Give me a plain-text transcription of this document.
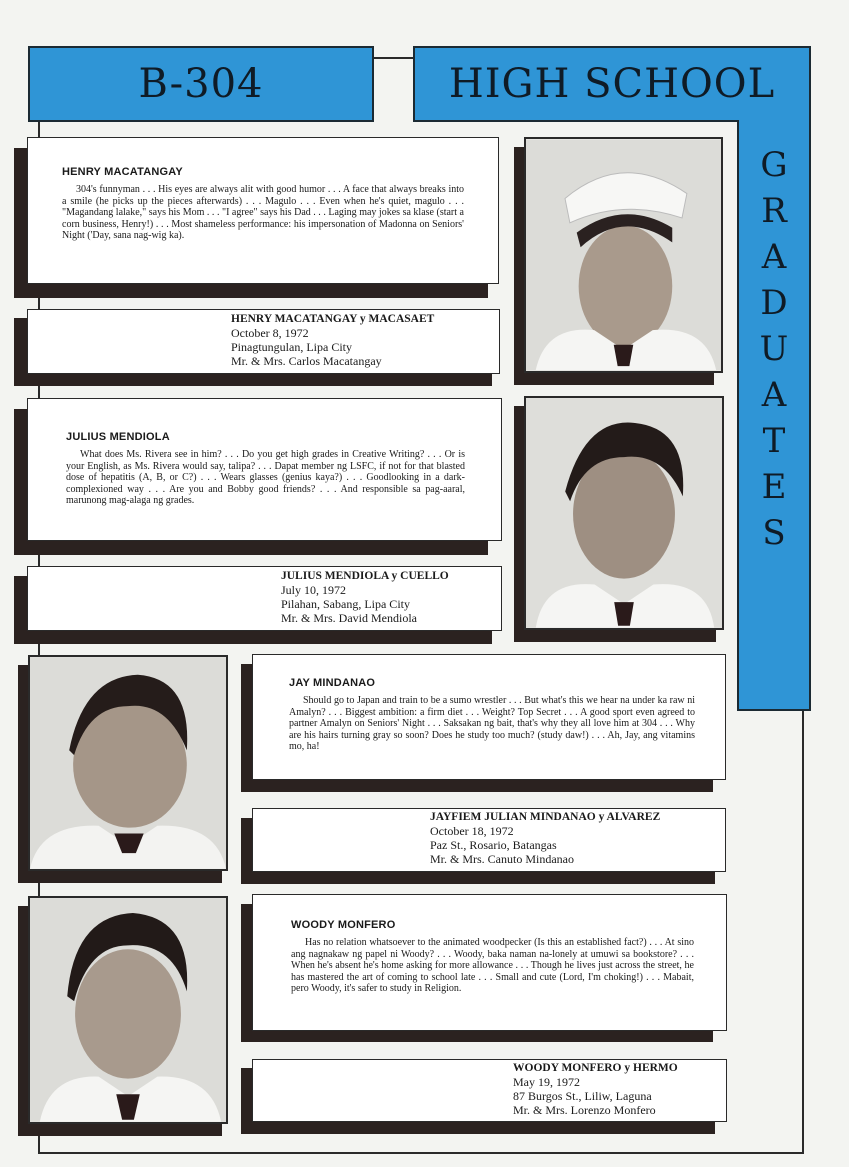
B-304	HIGH SCHOOL
G
R
A
D
U
A
T
E
S
HENRY MACATANGAY
304's funnyman . . . His eyes are always alit with good humor . . . A face that always breaks into a smile (he picks up the pieces afterwards) . . . Magulo . . . Even when he's quiet, magulo . . . "Magandang lalake," says his Mom . . . "I agree" says his Dad . . . Laging may jokes sa klase (start a corn business, Henry!) . . . Most shameless performance: his impersonation of Madonna on Seniors' Night ('Day, sana nag-wig ka).
HENRY MACATANGAY y MACASAET
October 8, 1972
Pinagtungulan, Lipa City
Mr. & Mrs. Carlos Macatangay
JULIUS MENDIOLA
What does Ms. Rivera see in him? . . . Do you get high grades in Creative Writing? . . . Or is your English, as Ms. Rivera would say, talipa? . . . Dapat member ng LSFC, if not for that blasted dose of hepatitis (A, B, or C?) . . . Wears glasses (genius kaya?) . . . Goodlooking in a dark-complexioned way . . . Are you and Bobby good friends? . . . And responsible sa pag-aaral, marunong mag-alaga ng grades.
JULIUS MENDIOLA y CUELLO
July 10, 1972
Pilahan, Sabang, Lipa City
Mr. & Mrs. David Mendiola
JAY MINDANAO
Should go to Japan and train to be a sumo wrestler . . . But what's this we hear na under ka raw ni Amalyn? . . . Biggest ambition: a firm diet . . . Weight? Top Secret . . . A good sport even agreed to partner Amalyn on Seniors' Night . . . Saksakan ng bait, that's why they all love him at 304 . . . Why are his hairs turning gray so soon? Does he study too much? (study daw!) . . . Ah, Jay, ang vitamins mo, ha!
JAYFIEM JULIAN MINDANAO y ALVAREZ
October 18, 1972
Paz St., Rosario, Batangas
Mr. & Mrs. Canuto Mindanao
WOODY MONFERO
Has no relation whatsoever to the animated woodpecker (Is this an established fact?) . . . At sino ang nagnakaw ng papel ni Woody? . . . Woody, baka naman na-lonely at umuwi sa bookstore? . . . When he's absent he's home asking for more allowance . . . Though he lives just across the street, he has mastered the art of coming to school late . . . Small and cute (Lord, I'm choking!) . . . Mabait, pero Woody, it's safer to study in Religion.
WOODY MONFERO y HERMO
May 19, 1972
87 Burgos St., Liliw, Laguna
Mr. & Mrs. Lorenzo Monfero
